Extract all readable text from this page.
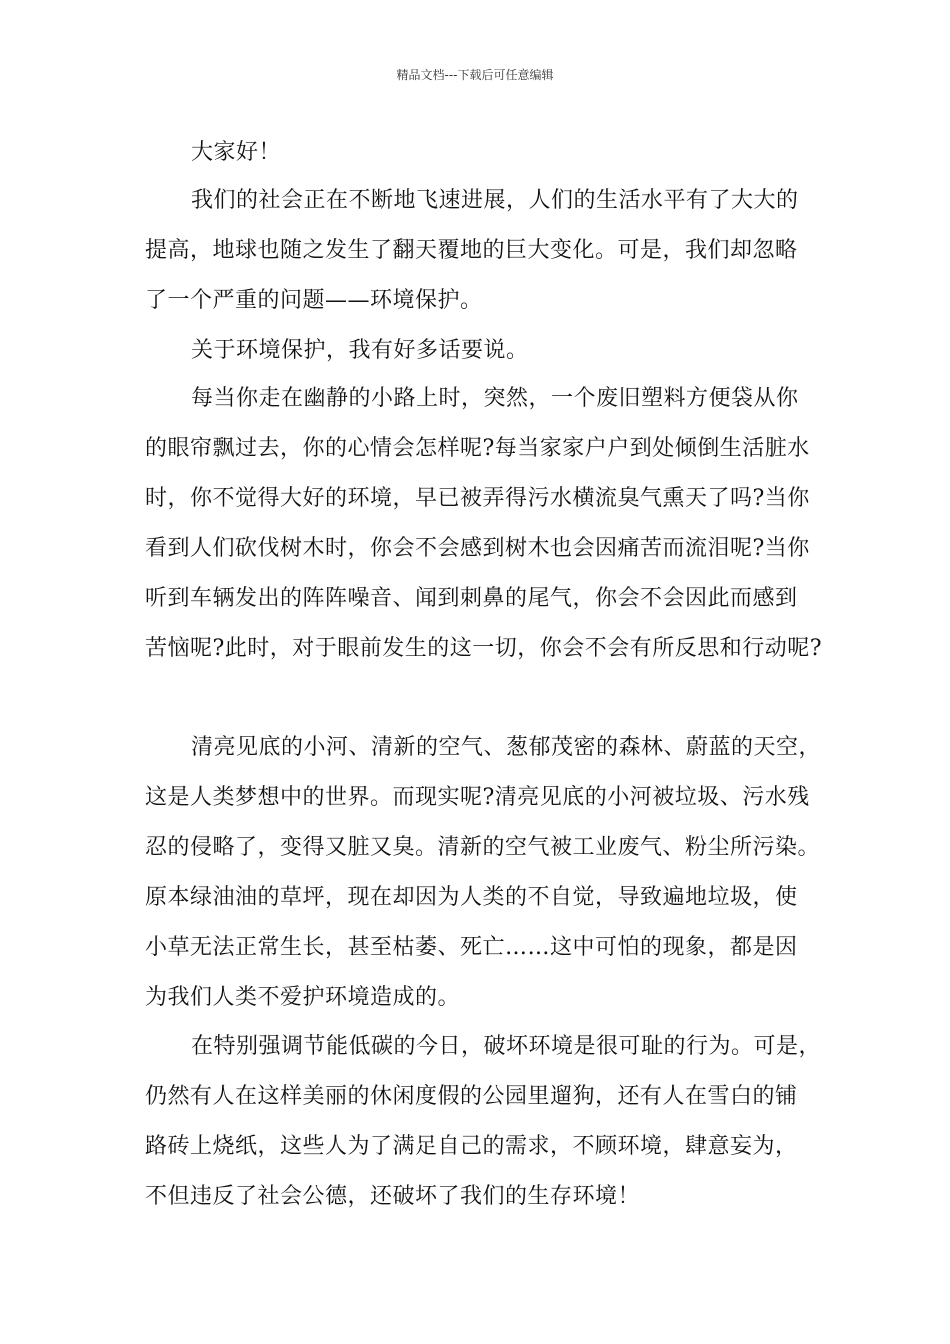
精品文档---下载后可任意编辑
大家好！
我们的社会正在不断地飞速进展，人们的生活水平有了大大的
提高，地球也随之发生了翻天覆地的巨大变化。可是，我们却忽略
了一个严重的问题——环境保护。
关于环境保护，我有好多话要说。
每当你走在幽静的小路上时，突然，一个废旧塑料方便袋从你
的眼帘飘过去，你的心情会怎样呢?每当家家户户到处倾倒生活脏水
时，你不觉得大好的环境，早已被弄得污水横流臭气熏天了吗?当你
看到人们砍伐树木时，你会不会感到树木也会因痛苦而流泪呢?当你
听到车辆发出的阵阵噪音、闻到刺鼻的尾气，你会不会因此而感到
苦恼呢?此时，对于眼前发生的这一切，你会不会有所反思和行动呢?
清亮见底的小河、清新的空气、葱郁茂密的森林、蔚蓝的天空，
这是人类梦想中的世界。而现实呢?清亮见底的小河被垃圾、污水残
忍的侵略了，变得又脏又臭。清新的空气被工业废气、粉尘所污染。
原本绿油油的草坪，现在却因为人类的不自觉，导致遍地垃圾，使
小草无法正常生长，甚至枯萎、死亡……这中可怕的现象，都是因
为我们人类不爱护环境造成的。
在特别强调节能低碳的今日，破坏环境是很可耻的行为。可是，
仍然有人在这样美丽的休闲度假的公园里遛狗，还有人在雪白的铺
路砖上烧纸，这些人为了满足自己的需求，不顾环境，肆意妄为，
不但违反了社会公德，还破坏了我们的生存环境！
